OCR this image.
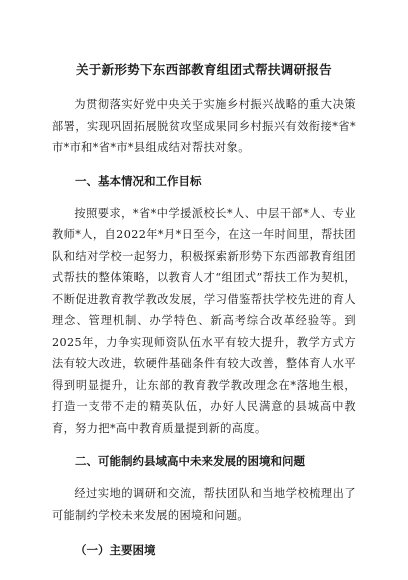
关于新形势下东西部教育组团式帮扶调研报告

为贯彻落实好党中央关于实施乡村振兴战略的重大决策部署，实现巩固拓展脱贫攻坚成果同乡村振兴有效衔接*省*市*市和*省*市*县组成结对帮扶对象。

一、基本情况和工作目标

按照要求，*省*中学援派校长*人、中层干部*人、专业教师*人，自2022年*月*日至今，在这一年时间里，帮扶团队和结对学校一起努力，积极探索新形势下东西部教育组团式帮扶的整体策略，以教育人才“组团式”帮扶工作为契机，不断促进教育教学教改发展，学习借鉴帮扶学校先进的育人理念、管理机制、办学特色、新高考综合改革经验等。到2025年，力争实现师资队伍水平有较大提升，教学方式方法有较大改进，软硬件基础条件有较大改善，整体育人水平得到明显提升，让东部的教育教学教改理念在*落地生根，打造一支带不走的精英队伍，办好人民满意的县城高中教育，努力把*高中教育质量提到新的高度。

二、可能制约县域高中未来发展的困境和问题

经过实地的调研和交流，帮扶团队和当地学校梳理出了可能制约学校未来发展的困境和问题。

（一）主要困境
